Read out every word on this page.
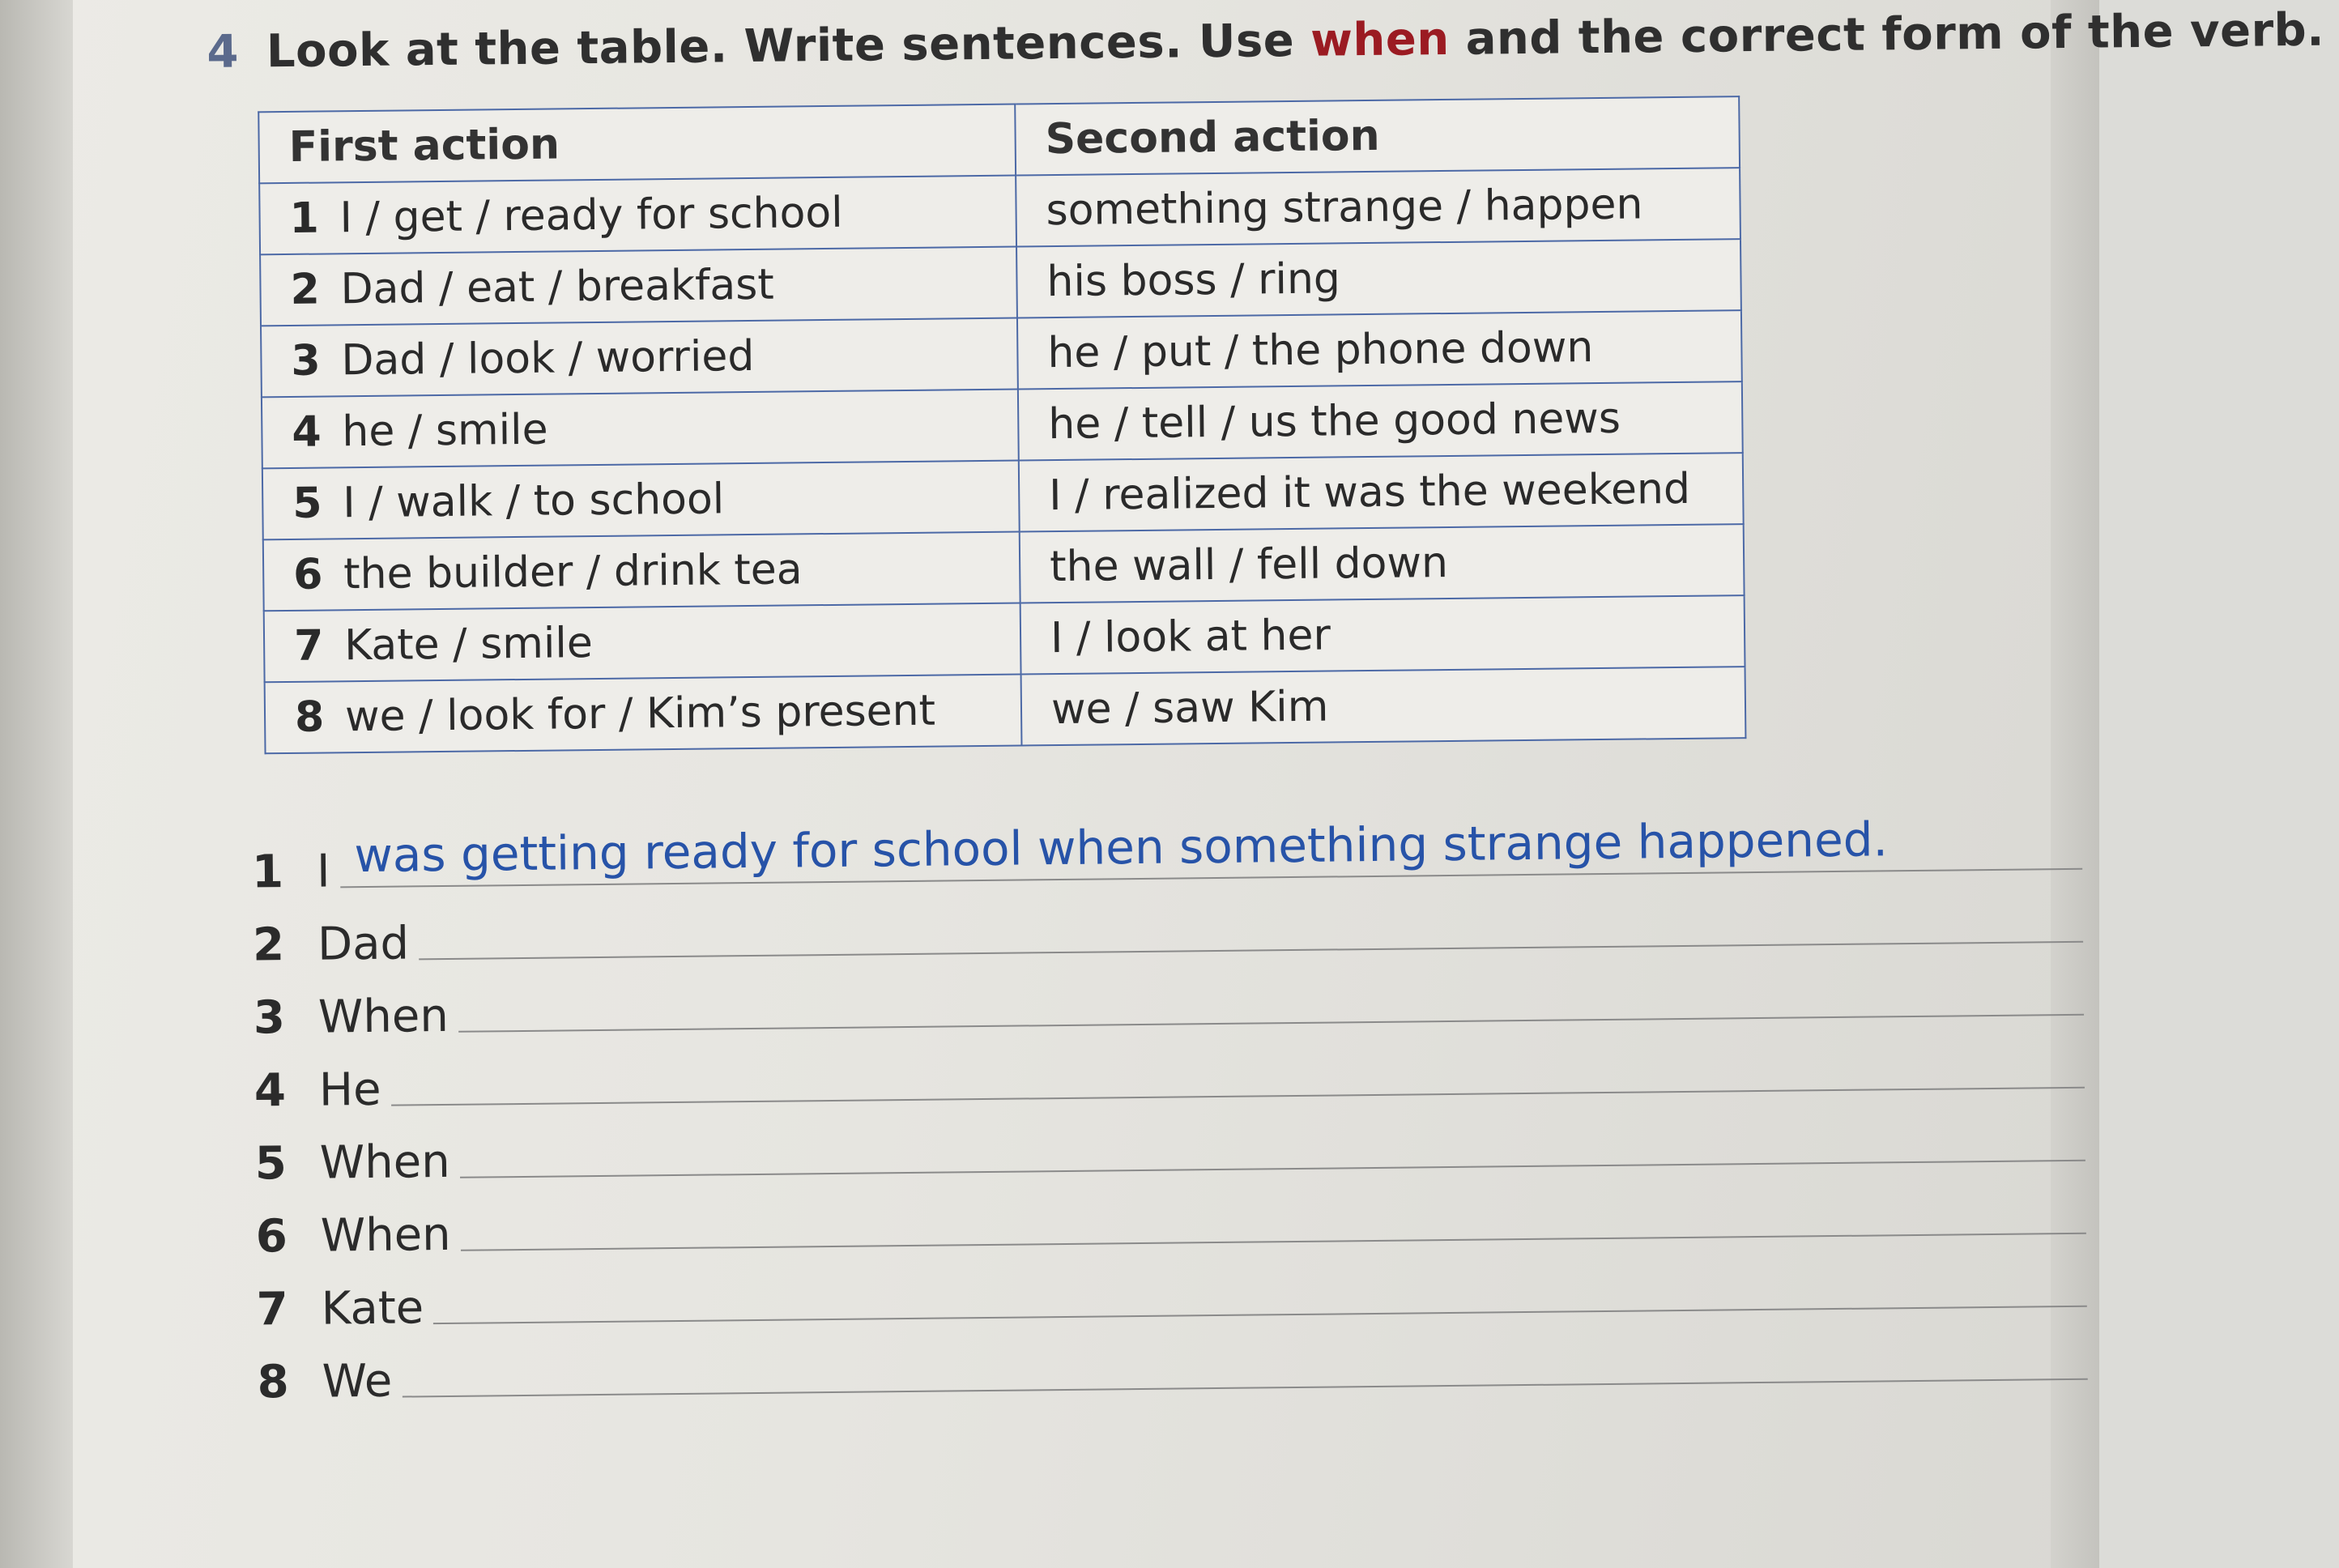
4 Look at the table. Write sentences. Use when and the correct form of the verb.
First action	Second action
1 I / get / ready for school	something strange / happen
2 Dad / eat / breakfast	his boss / ring
3 Dad / look / worried	he / put / the phone down
4 he / smile	he / tell / us the good news
5 I / walk / to school	I / realized it was the weekend
6 the builder / drink tea	the wall / fell down
7 Kate / smile	I / look at her
8 we / look for / Kim’s present	we / saw Kim
1 I was getting ready for school when something strange happened.
2 Dad
3 When
4 He
5 When
6 When
7 Kate
8 We
